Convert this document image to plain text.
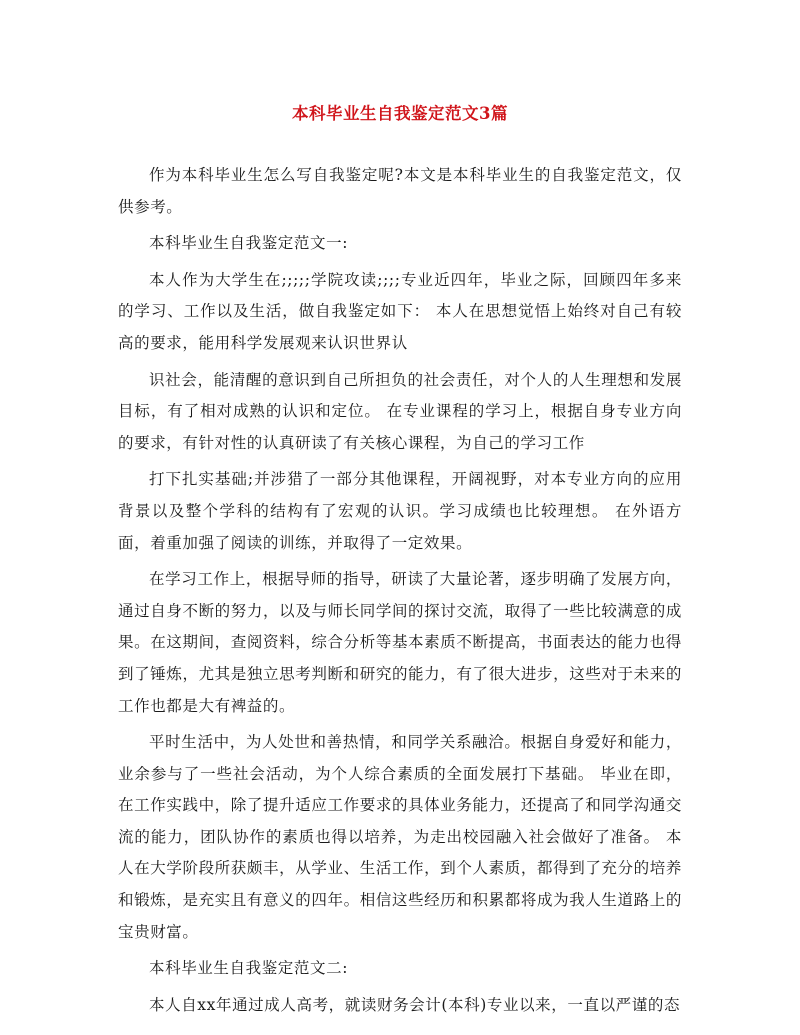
本科毕业生自我鉴定范文3篇

作为本科毕业生怎么写自我鉴定呢?本文是本科毕业生的自我鉴定范文，仅供参考。

本科毕业生自我鉴定范文一:

本人作为大学生在;;;;;学院攻读;;;;专业近四年，毕业之际，回顾四年多来的学习、工作以及生活，做自我鉴定如下： 本人在思想觉悟上始终对自己有较高的要求，能用科学发展观来认识世界认

识社会，能清醒的意识到自己所担负的社会责任，对个人的人生理想和发展目标，有了相对成熟的认识和定位。 在专业课程的学习上，根据自身专业方向的要求，有针对性的认真研读了有关核心课程，为自己的学习工作

打下扎实基础;并涉猎了一部分其他课程，开阔视野，对本专业方向的应用背景以及整个学科的结构有了宏观的认识。学习成绩也比较理想。 在外语方面，着重加强了阅读的训练，并取得了一定效果。

在学习工作上，根据导师的指导，研读了大量论著，逐步明确了发展方向，通过自身不断的努力，以及与师长同学间的探讨交流，取得了一些比较满意的成果。在这期间，查阅资料，综合分析等基本素质不断提高，书面表达的能力也得到了锤炼，尤其是独立思考判断和研究的能力，有了很大进步，这些对于未来的工作也都是大有裨益的。

平时生活中，为人处世和善热情，和同学关系融洽。根据自身爱好和能力，业余参与了一些社会活动，为个人综合素质的全面发展打下基础。 毕业在即，在工作实践中，除了提升适应工作要求的具体业务能力，还提高了和同学沟通交流的能力，团队协作的素质也得以培养，为走出校园融入社会做好了准备。 本人在大学阶段所获颇丰，从学业、生活工作，到个人素质，都得到了充分的培养和锻炼，是充实且有意义的四年。相信这些经历和积累都将成为我人生道路上的宝贵财富。

本科毕业生自我鉴定范文二:

本人自xx年通过成人高考，就读财务会计(本科)专业以来，一直以严谨的态
